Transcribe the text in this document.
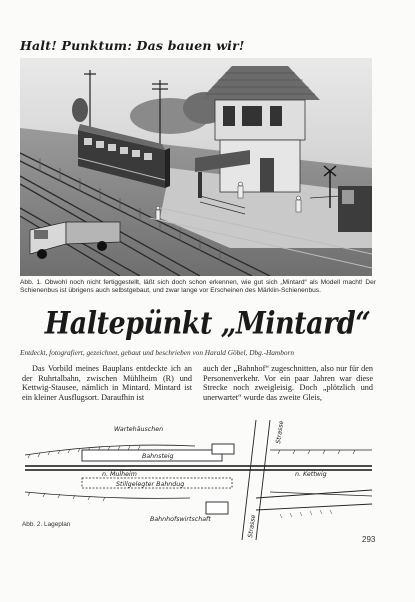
Halt! Punktum: Das bauen wir!
Abb. 1. Obwohl noch nicht fertiggestellt, läßt sich doch schon erkennen, wie gut sich „Mintard“ als Modell macht! Der Schienenbus ist übrigens auch selbstgebaut, und zwar lange vor Erscheinen des Märklin-Schienenbus.
Haltepünkt „Mintard“
Entdeckt, fotografiert, gezeichnet, gebaut und beschrieben von Harald Göbel, Dbg.-Hamborn

Das Vorbild meines Bauplans entdeckte ich an der Ruhrtalbahn, zwischen Mühlheim (R) und Kettwig-Stausee, nämlich in Mintard. Mintard ist ein kleiner Ausflugsort. Daraufhin ist

auch der „Bahnhof“ zugeschnitten, also nur für den Personenverkehr. Vor ein paar Jahren war diese Strecke noch zweigleisig. Doch „plötzlich und unerwartet“ wurde das zweite Gleis,

Wartehäuschen
Bahnsteig
n. Mulheim	n. Kettwig
Stillgelegter Bahndug
Bahnhofswirtschaft
Strasse
Strasse
Abb. 2. Lageplan
293
